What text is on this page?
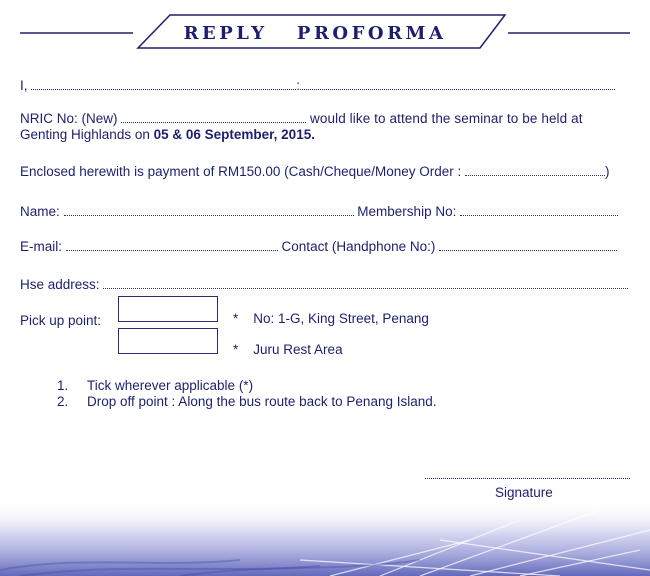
REPLY   PROFORMA
I,	:
NRIC No: (New)	would like to attend the seminar to be held at
Genting Highlands on 05 & 06 September, 2015.
Enclosed herewith is payment of RM150.00 (Cash/Cheque/Money Order :	)
Name:	Membership No:
E-mail:	Contact (Handphone No:)
Hse address:
Pick up point:	* No: 1-G, King Street, Penang
* Juru Rest Area
1. Tick wherever applicable (*)
2. Drop off point : Along the bus route back to Penang Island.
Signature
